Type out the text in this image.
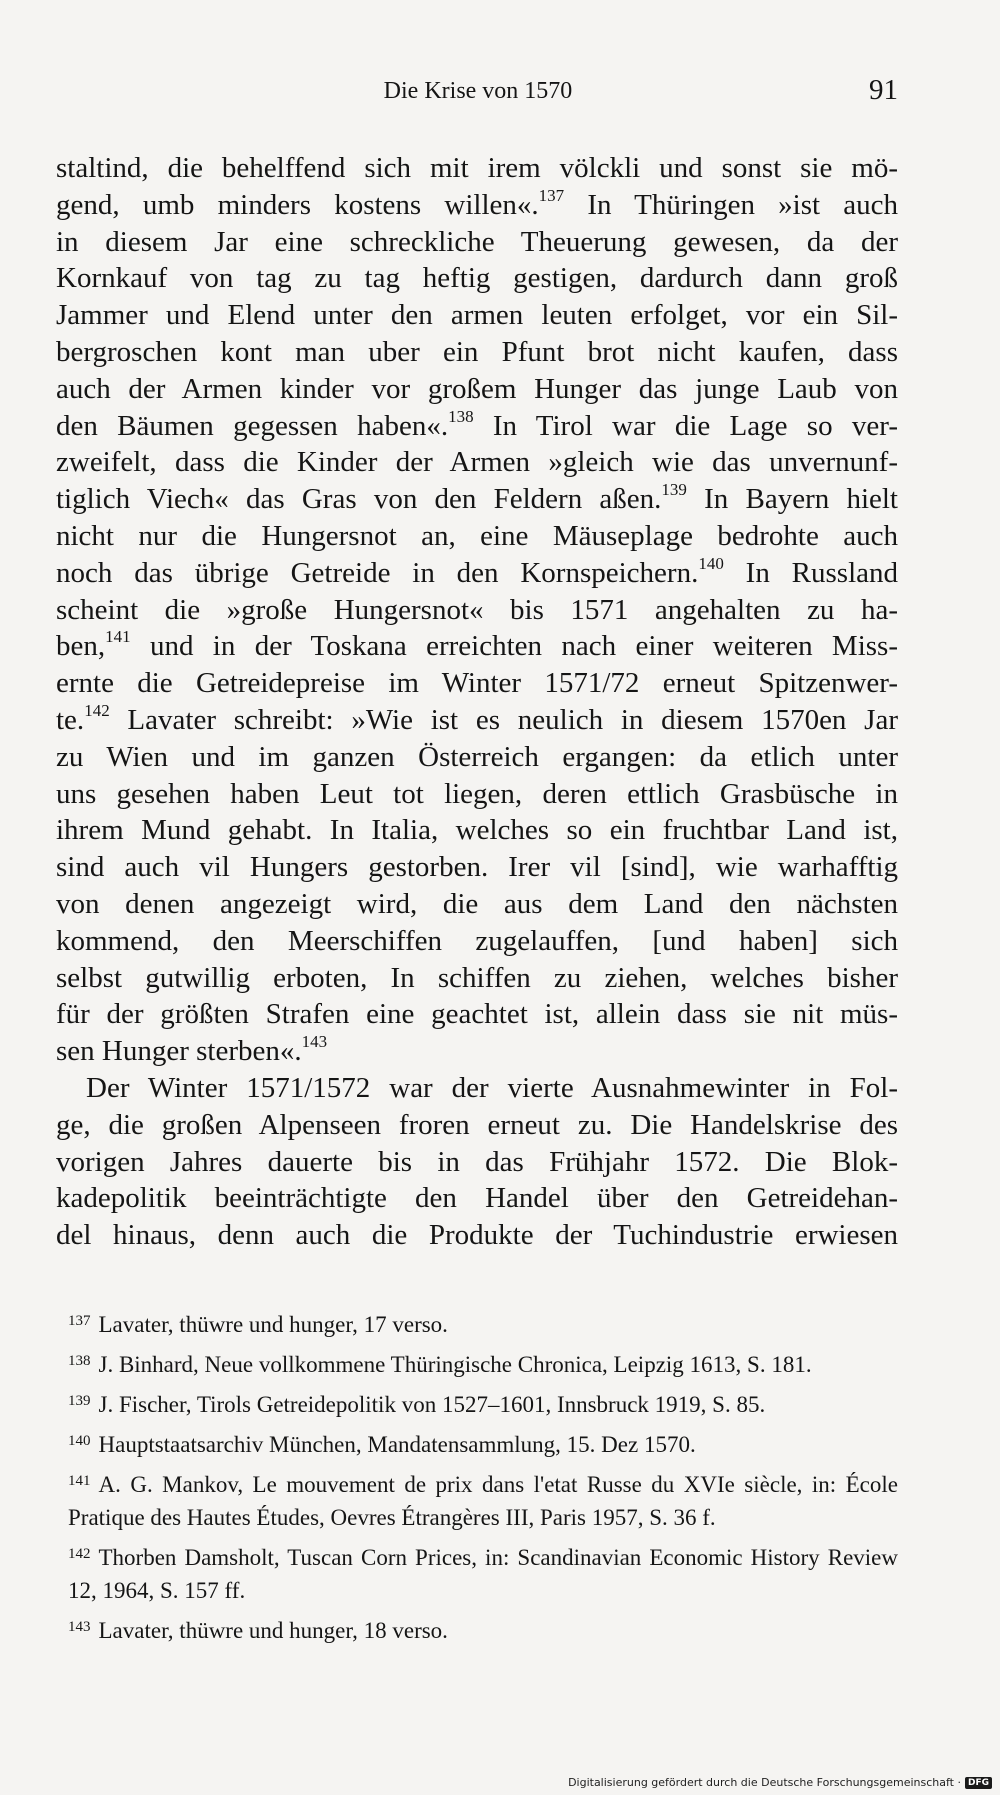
Die Krise von 1570	91

staltind, die behelffend sich mit irem völckli und sonst sie mö-
gend, umb minders kostens willen«.$^{137}$ In Thüringen »ist auch
in diesem Jar eine schreckliche Theuerung gewesen, da der
Kornkauf von tag zu tag heftig gestigen, dardurch dann groß
Jammer und Elend unter den armen leuten erfolget, vor ein Sil-
bergroschen kont man uber ein Pfunt brot nicht kaufen, dass
auch der Armen kinder vor großem Hunger das junge Laub von
den Bäumen gegessen haben«.$^{138}$ In Tirol war die Lage so ver-
zweifelt, dass die Kinder der Armen »gleich wie das unvernunf-
tiglich Viech« das Gras von den Feldern aßen.$^{139}$ In Bayern hielt
nicht nur die Hungersnot an, eine Mäuseplage bedrohte auch
noch das übrige Getreide in den Kornspeichern.$^{140}$ In Russland
scheint die »große Hungersnot« bis 1571 angehalten zu ha-
ben,$^{141}$ und in der Toskana erreichten nach einer weiteren Miss-
ernte die Getreidepreise im Winter 1571/72 erneut Spitzenwer-
te.$^{142}$ Lavater schreibt: »Wie ist es neulich in diesem 1570en Jar
zu Wien und im ganzen Österreich ergangen: da etlich unter
uns gesehen haben Leut tot liegen, deren ettlich Grasbüsche in
ihrem Mund gehabt. In Italia, welches so ein fruchtbar Land ist,
sind auch vil Hungers gestorben. Irer vil [sind], wie warhafftig
von denen angezeigt wird, die aus dem Land den nächsten
kommend, den Meerschiffen zugelauffen, [und haben] sich
selbst gutwillig erboten, In schiffen zu ziehen, welches bisher
für der größten Strafen eine geachtet ist, allein dass sie nit müs-
sen Hunger sterben«.$^{143}$

Der Winter 1571/1572 war der vierte Ausnahmewinter in Fol-
ge, die großen Alpenseen froren erneut zu. Die Handelskrise des
vorigen Jahres dauerte bis in das Frühjahr 1572. Die Blok-
kadepolitik beeinträchtigte den Handel über den Getreidehan-
del hinaus, denn auch die Produkte der Tuchindustrie erwiesen

$^{137}$ Lavater, thüwre und hunger, 17 verso.

$^{138}$ J. Binhard, Neue vollkommene Thüringische Chronica, Leipzig 1613, S. 181.

$^{139}$ J. Fischer, Tirols Getreidepolitik von 1527–1601, Innsbruck 1919, S. 85.

$^{140}$ Hauptstaatsarchiv München, Mandatensammlung, 15. Dez 1570.

$^{141}$ A. G. Mankov, Le mouvement de prix dans l'etat Russe du XVIe siècle, in: École Pratique des Hautes Études, Oevres Étrangères III, Paris 1957, S. 36 f.

$^{142}$ Thorben Damsholt, Tuscan Corn Prices, in: Scandinavian Economic History Review 12, 1964, S. 157 ff.

$^{143}$ Lavater, thüwre und hunger, 18 verso.

Digitalisierung gefördert durch die Deutsche Forschungsgemeinschaft · DFG
